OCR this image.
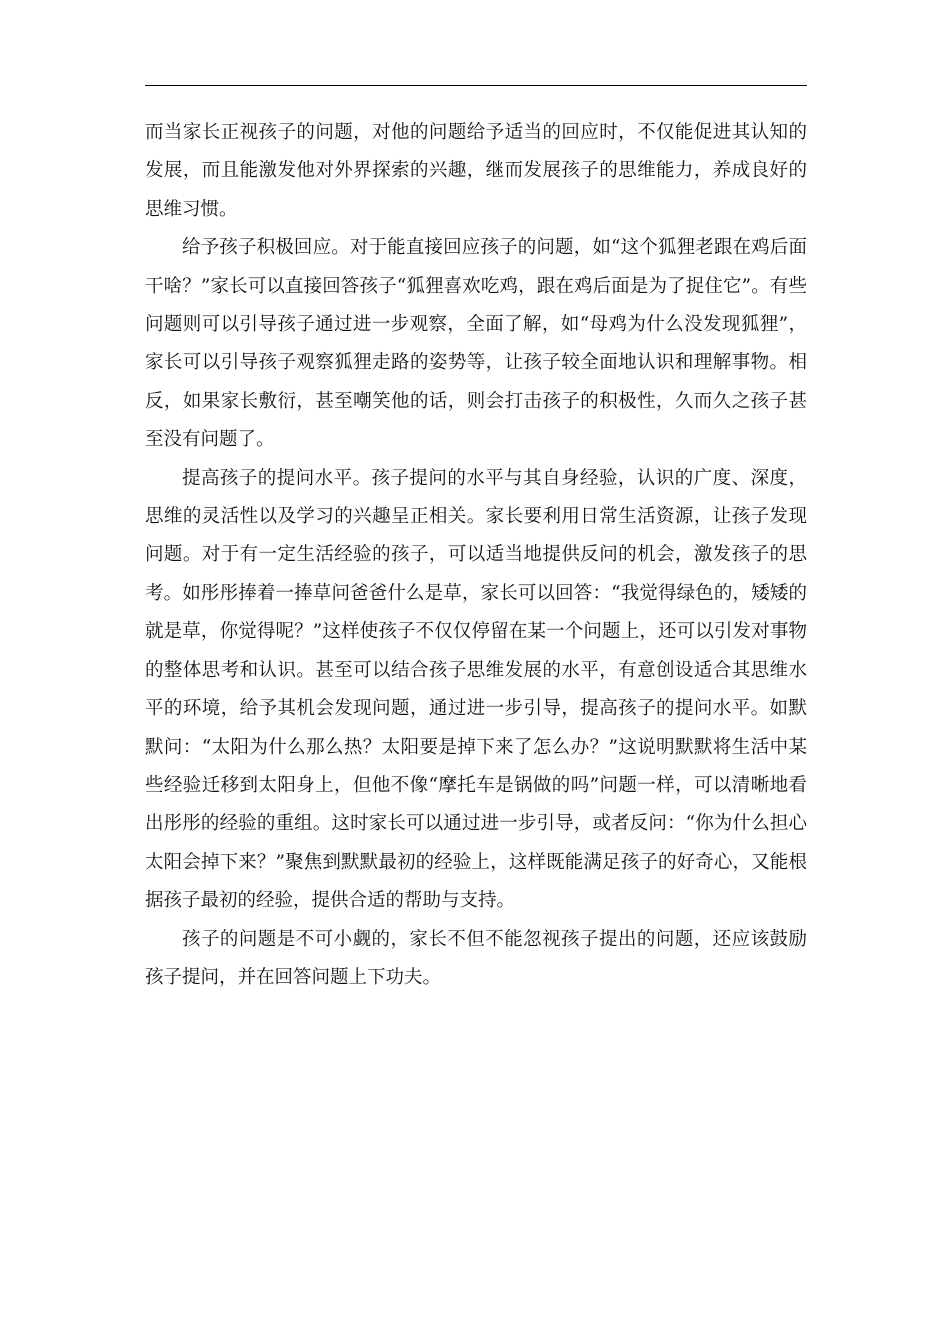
而当家长正视孩子的问题，对他的问题给予适当的回应时，不仅能促进其认知的发展，而且能激发他对外界探索的兴趣，继而发展孩子的思维能力，养成良好的思维习惯。

给予孩子积极回应。对于能直接回应孩子的问题，如“这个狐狸老跟在鸡后面干啥？”家长可以直接回答孩子“狐狸喜欢吃鸡，跟在鸡后面是为了捉住它”。有些问题则可以引导孩子通过进一步观察，全面了解，如“母鸡为什么没发现狐狸”，家长可以引导孩子观察狐狸走路的姿势等，让孩子较全面地认识和理解事物。相反，如果家长敷衍，甚至嘲笑他的话，则会打击孩子的积极性，久而久之孩子甚至没有问题了。

提高孩子的提问水平。孩子提问的水平与其自身经验，认识的广度、深度，思维的灵活性以及学习的兴趣呈正相关。家长要利用日常生活资源，让孩子发现问题。对于有一定生活经验的孩子，可以适当地提供反问的机会，激发孩子的思考。如彤彤捧着一捧草问爸爸什么是草，家长可以回答：“我觉得绿色的，矮矮的就是草，你觉得呢？”这样使孩子不仅仅停留在某一个问题上，还可以引发对事物的整体思考和认识。甚至可以结合孩子思维发展的水平，有意创设适合其思维水平的环境，给予其机会发现问题，通过进一步引导，提高孩子的提问水平。如默默问：“太阳为什么那么热？太阳要是掉下来了怎么办？”这说明默默将生活中某些经验迁移到太阳身上，但他不像“摩托车是锅做的吗”问题一样，可以清晰地看出彤彤的经验的重组。这时家长可以通过进一步引导，或者反问：“你为什么担心太阳会掉下来？”聚焦到默默最初的经验上，这样既能满足孩子的好奇心，又能根据孩子最初的经验，提供合适的帮助与支持。

孩子的问题是不可小觑的，家长不但不能忽视孩子提出的问题，还应该鼓励孩子提问，并在回答问题上下功夫。
